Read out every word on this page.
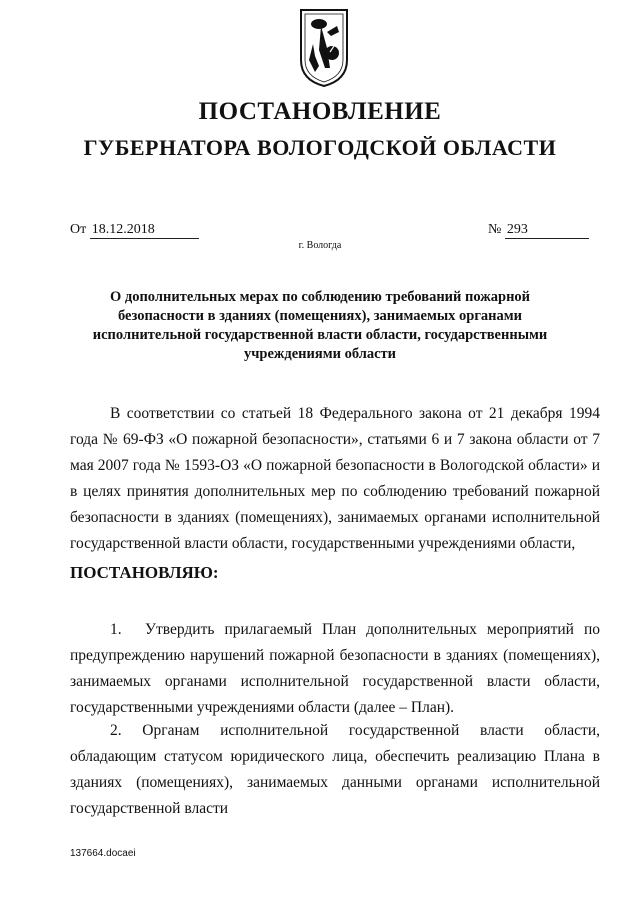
ПОСТАНОВЛЕНИЕ
ГУБЕРНАТОРА ВОЛОГОДСКОЙ ОБЛАСТИ
От 18.12.2018	№ 293
г. Вологда
О дополнительных мерах по соблюдению требований пожарной безопасности в зданиях (помещениях), занимаемых органами исполнительной государственной власти области, государственными учреждениями области
В соответствии со статьей 18 Федерального закона от 21 декабря 1994 года № 69-ФЗ «О пожарной безопасности», статьями 6 и 7 закона области от 7 мая 2007 года № 1593-ОЗ «О пожарной безопасности в Вологодской области» и в целях принятия дополнительных мер по соблюдению требований пожарной безопасности в зданиях (помещениях), занимаемых органами исполнительной государственной власти области, государственными учреждениями области,
ПОСТАНОВЛЯЮ:
1. Утвердить прилагаемый План дополнительных мероприятий по предупреждению нарушений пожарной безопасности в зданиях (помещениях), занимаемых органами исполнительной государственной власти области, государственными учреждениями области (далее – План).
2. Органам исполнительной государственной власти области, обладающим статусом юридического лица, обеспечить реализацию Плана в зданиях (помещениях), занимаемых данными органами исполнительной государственной власти
137664.docaei
